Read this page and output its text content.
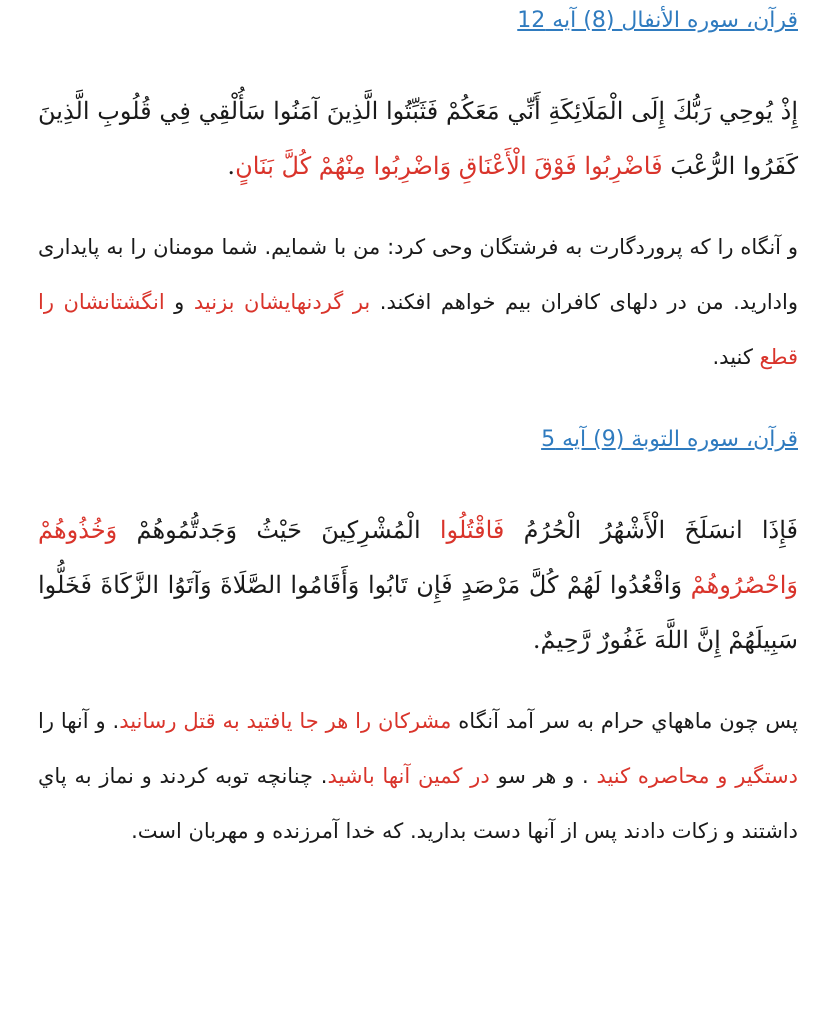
قرآن، سوره الأنفال (8) آیه 12

إِذْ يُوحِي رَبُّكَ إِلَى الْمَلَائِكَةِ أَنِّي مَعَكُمْ فَثَبِّتُوا الَّذِينَ آمَنُوا سَأُلْقِي فِي قُلُوبِ الَّذِينَ كَفَرُوا الرُّعْبَ فَاضْرِبُوا فَوْقَ الْأَعْنَاقِ وَاضْرِبُوا مِنْهُمْ كُلَّ بَنَانٍ.

و آنگاه را که پروردگارت به فرشتگان وحی کرد: من با شمایم. شما مومنان را به پایداری وادارید. من در دلهای کافران بیم خواهم افکند. بر گردنهایشان بزنید و انگشتانشان را قطع کنید.

قرآن، سوره التوبة (9) آیه 5

فَإِذَا انسَلَخَ الْأَشْهُرُ الْحُرُمُ فَاقْتُلُوا الْمُشْرِكِينَ حَيْثُ وَجَدتُّمُوهُمْ وَخُذُوهُمْ وَاحْصُرُوهُمْ وَاقْعُدُوا لَهُمْ كُلَّ مَرْصَدٍ فَإِن تَابُوا وَأَقَامُوا الصَّلَاةَ وَآتَوُا الزَّكَاةَ فَخَلُّوا سَبِيلَهُمْ إِنَّ اللَّهَ غَفُورٌ رَّحِيمٌ.

پس چون ماههاي حرام به سر آمد آنگاه مشرکان را هر جا یافتید به قتل رسانید. و آنها را دستگیر و محاصره کنید . و هر سو در کمین آنها باشید. چنانچه توبه کردند و نماز به پاي داشتند و زكات دادند پس از آنها دست بداريد. که خدا آمرزنده و مهربان است.
